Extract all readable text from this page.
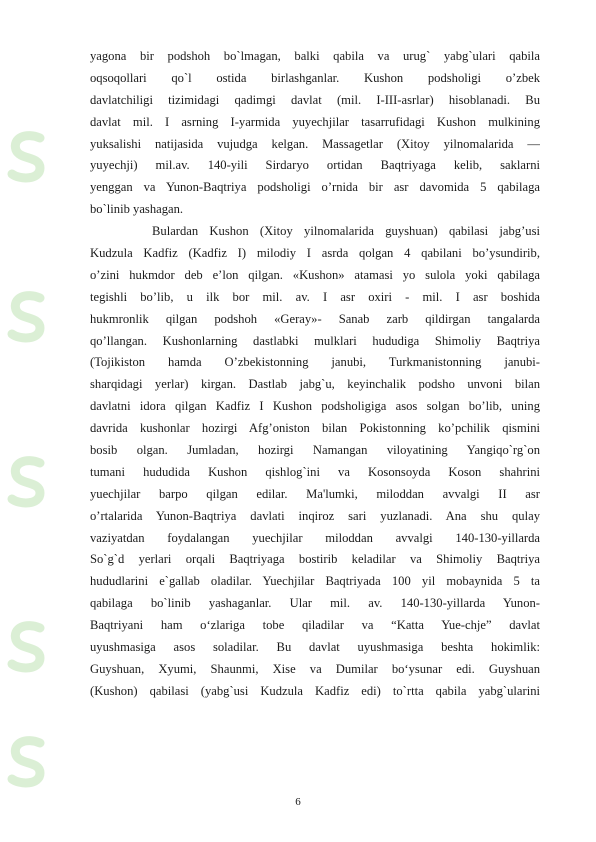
yagona bir podshoh bo`lmagan, balki qabila va urug` yabg`ulari qabila
oqsoqollari qo`l ostida birlashganlar. Kushon podsholigi o’zbek
davlatchiligi tizimidagi qadimgi davlat (mil. I-III-asrlar) hisoblanadi. Bu
davlat mil. I asrning I-yarmida yuyechjilar tasarrufidagi Kushon mulkining
yuksalishi natijasida vujudga kelgan. Massagetlar (Xitoy yilnomalarida —
yuyechji) mil.av. 140-yili Sirdaryo ortidan Baqtriyaga kelib, saklarni
yenggan va Yunon-Baqtriya podsholigi o’rnida bir asr davomida 5 qabilaga
bo`linib yashagan.
Bulardan Kushon (Xitoy yilnomalarida guyshuan) qabilasi jabg’usi
Kudzula Kadfiz (Kadfiz I) milodiy I asrda qolgan 4 qabilani bo’ysundirib,
o’zini hukmdor deb e’lon qilgan. «Kushon» atamasi yo sulola yoki qabilaga
tegishli bo’lib, u ilk bor mil. av. I asr oxiri - mil. I asr boshida
hukmronlik qilgan podshoh «Geray»- Sanab zarb qildirgan tangalarda
qo’llangan. Kushonlarning dastlabki mulklari hududiga Shimoliy Baqtriya
(Tojikiston hamda O’zbekistonning janubi, Turkmanistonning janubi-
sharqidagi yerlar) kirgan. Dastlab jabg`u, keyinchalik podsho unvoni bilan
davlatni idora qilgan Kadfiz I Kushon podsholigiga asos solgan bo’lib, uning
davrida kushonlar hozirgi Afg’oniston bilan Pokistonning ko’pchilik qismini
bosib olgan. Jumladan, hozirgi Namangan viloyatining Yangiqo`rg`on
tumani hududida Kushon qishlog`ini va Kosonsoyda Koson shahrini
yuechjilar barpo qilgan edilar. Ma'lumki, miloddan avvalgi II asr
o’rtalarida Yunon-Baqtriya davlati inqiroz sari yuzlanadi. Ana shu qulay
vaziyatdan foydalangan yuechjilar miloddan avvalgi 140-130-yillarda
So`g`d yerlari orqali Baqtriyaga bostirib keladilar va Shimoliy Baqtriya
hududlarini e`gallab oladilar. Yuechjilar Baqtriyada 100 yil mobaynida 5 ta
qabilaga bo`linib yashaganlar. Ular mil. av. 140-130-yillarda Yunon-
Baqtriyani ham o‘zlariga tobe qiladilar va “Katta Yue-chje” davlat
uyushmasiga asos soladilar. Bu davlat uyushmasiga beshta hokimlik:
Guyshuan, Xyumi, Shaunmi, Xise va Dumilar bo‘ysunar edi. Guyshuan
(Kushon) qabilasi (yabg`usi Kudzula Kadfiz edi) to`rtta qabila yabg`ularini
6
